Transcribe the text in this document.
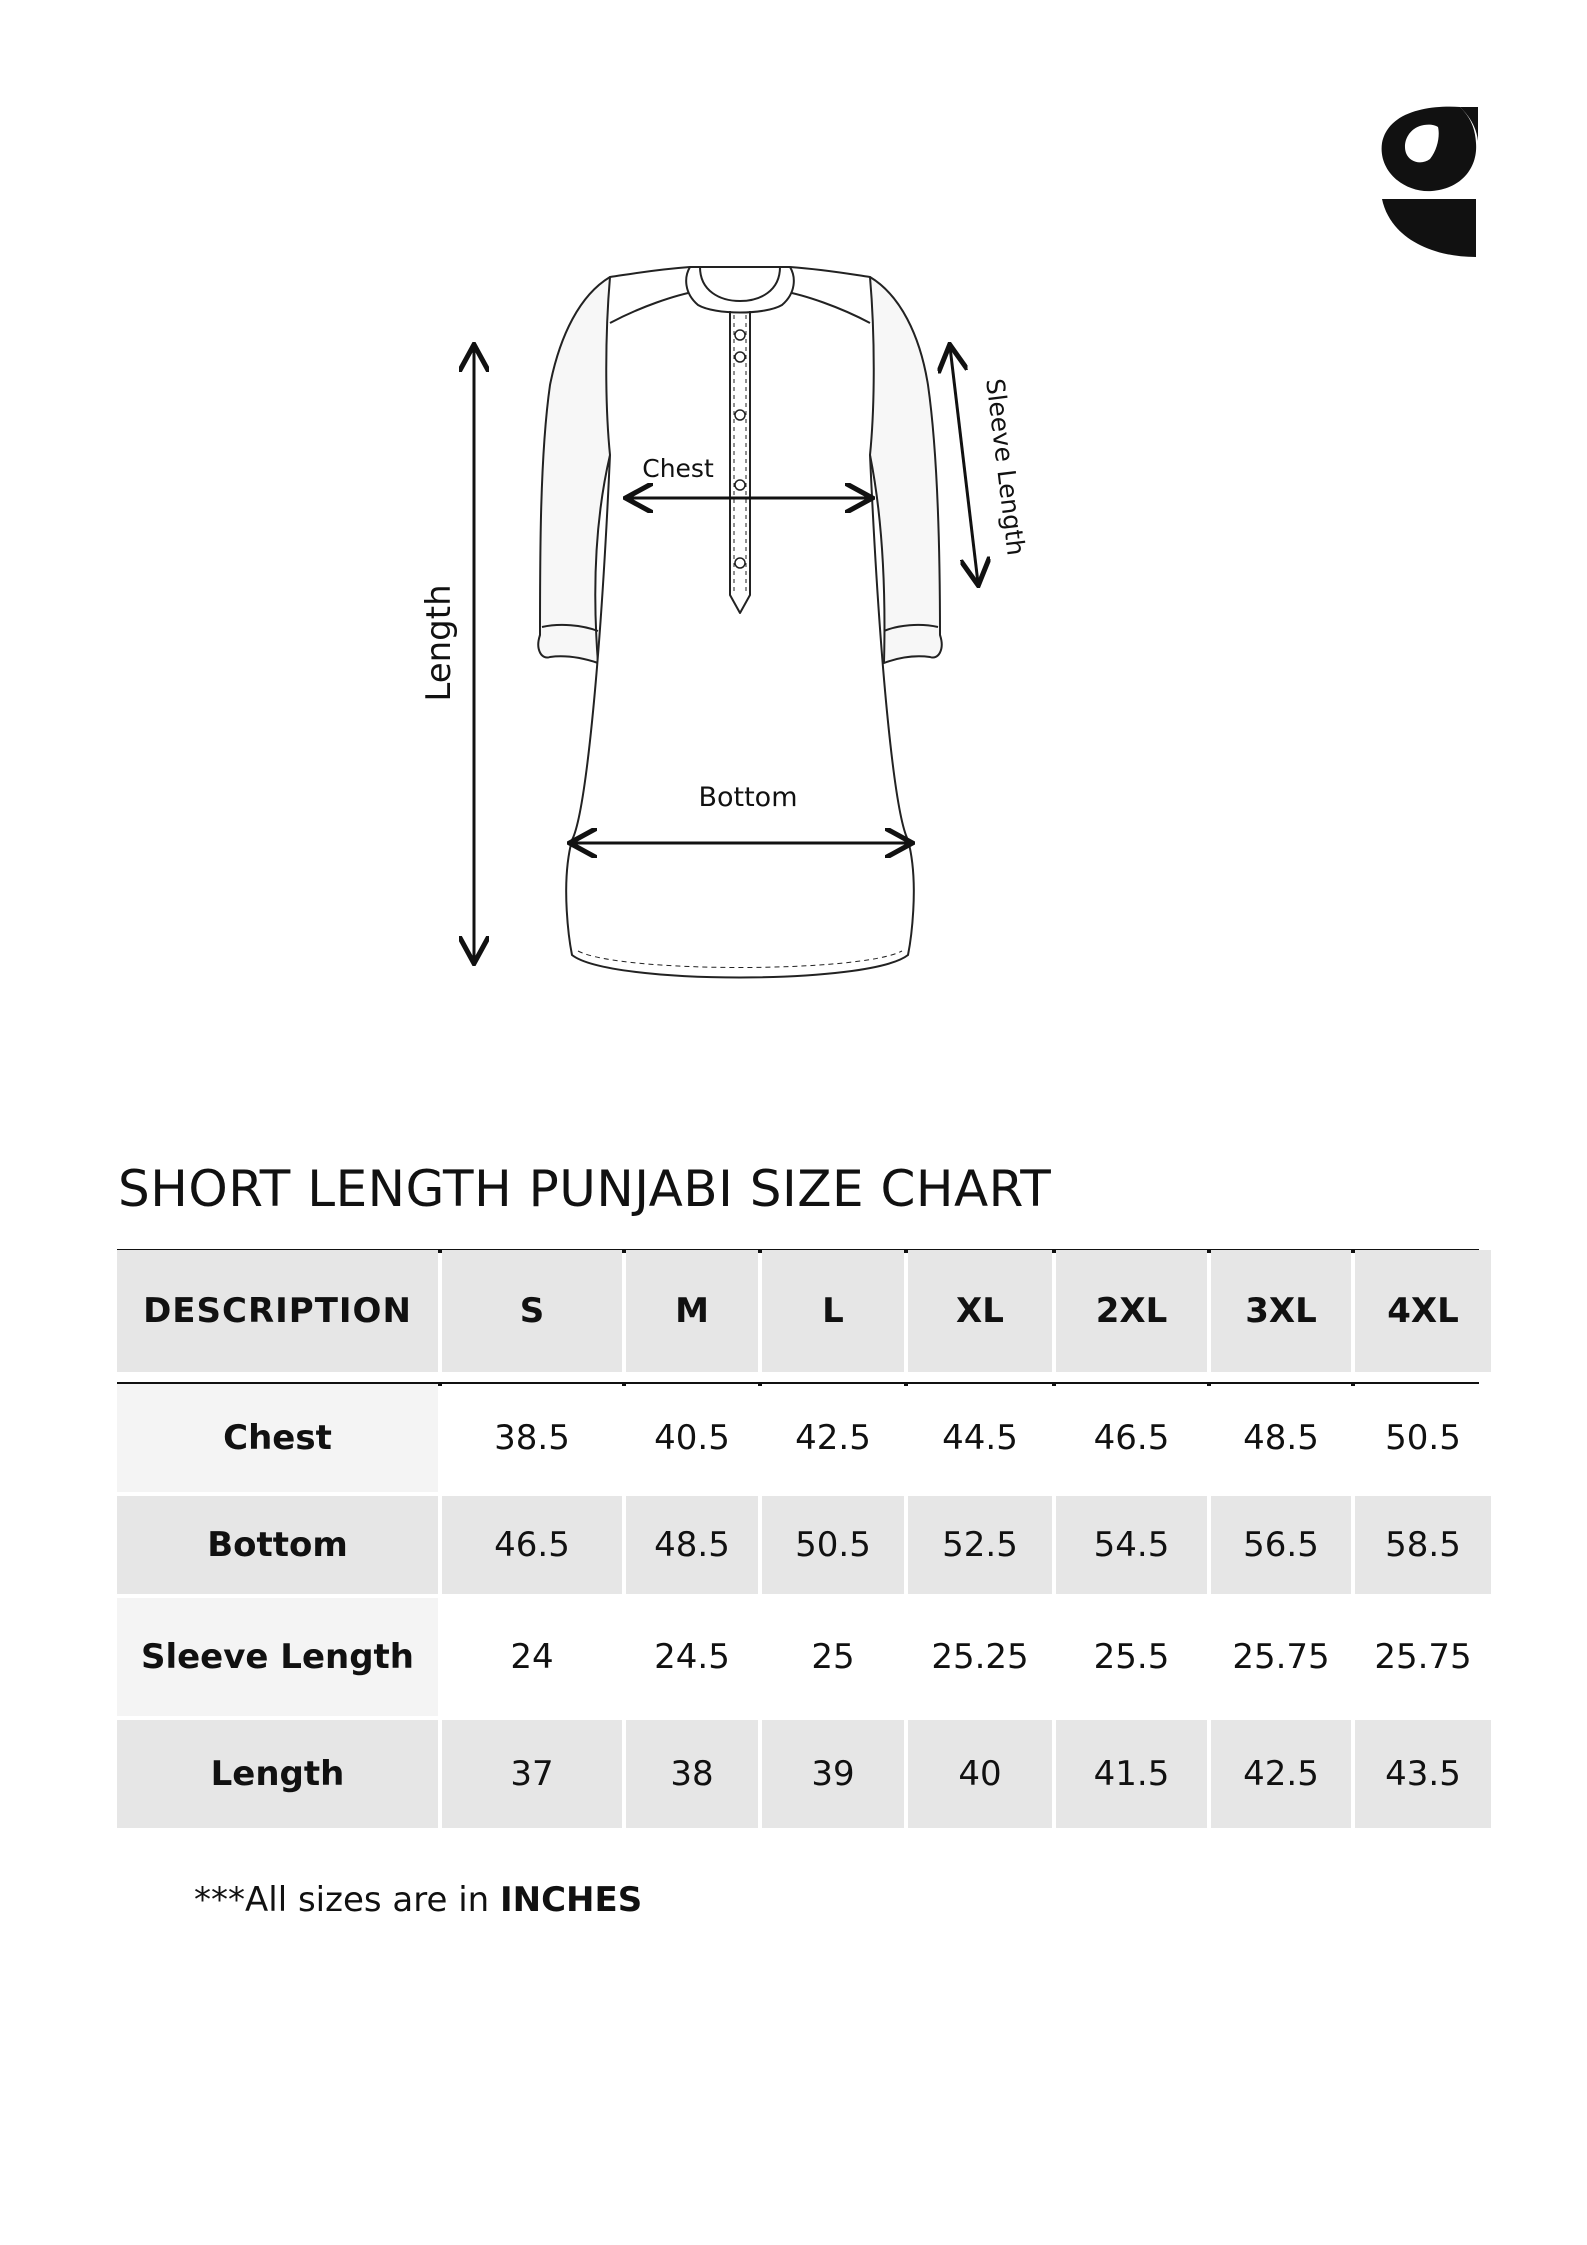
Length
Chest	Sleeve Length
Bottom
SHORT LENGTH PUNJABI SIZE CHART
DESCRIPTION	S	M	L	XL	2XL	3XL	4XL

Chest	38.5	40.5	42.5	44.5	46.5	48.5	50.5
Bottom	46.5	48.5	50.5	52.5	54.5	56.5	58.5
Sleeve Length	24	24.5	25	25.25	25.5	25.75	25.75
Length	37	38	39	40	41.5	42.5	43.5
***All sizes are in INCHES
